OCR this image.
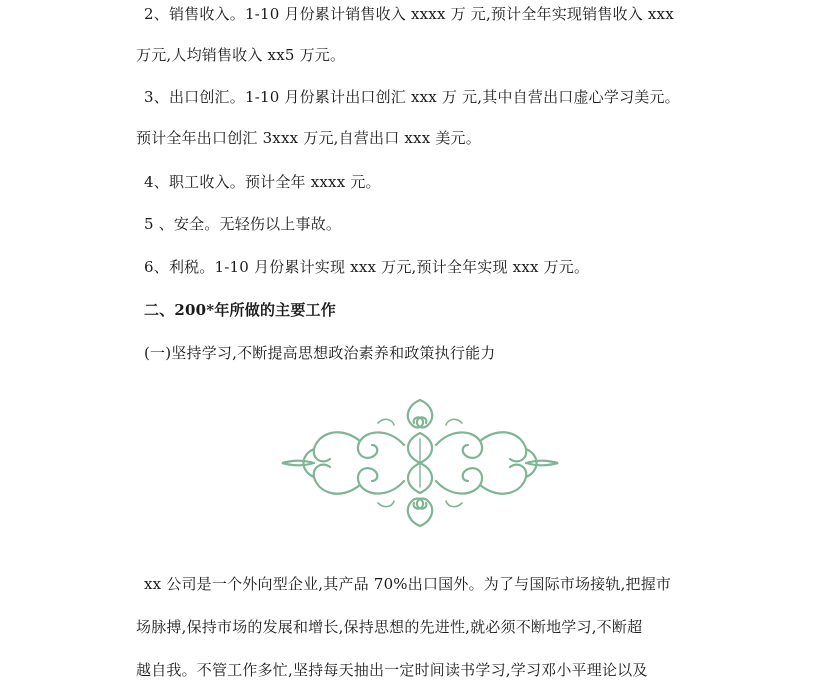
2、销售收入。1-10 月份累计销售收入 xxxx 万 元,预计全年实现销售收入 xxx
万元,人均销售收入 xx5 万元。
3、出口创汇。1-10 月份累计出口创汇 xxx 万 元,其中自营出口虚心学习美元。
预计全年出口创汇 3xxx 万元,自营出口 xxx 美元。
4、职工收入。预计全年 xxxx 元。
5 、安全。无轻伤以上事故。
6、利税。1-10 月份累计实现 xxx 万元,预计全年实现 xxx 万元。
二、200*年所做的主要工作
(一)坚持学习,不断提高思想政治素养和政策执行能力
xx 公司是一个外向型企业,其产品 70%出口国外。为了与国际市场接轨,把握市
场脉搏,保持市场的发展和增长,保持思想的先进性,就必须不断地学习,不断超
越自我。不管工作多忙,坚持每天抽出一定时间读书学习,学习邓小平理论以及
